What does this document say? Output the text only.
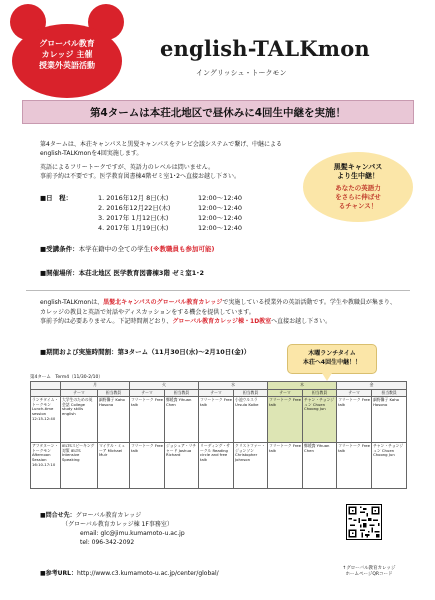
グローバル教育
カレッジ 主催
授業外英語活動
english-TALKmon
イングリッシュ・トークモン
第4タームは本荘北地区で昼休みに4回生中継を実施！

第4タームは、本荘キャンパスと黒髪キャンパスをテレビ会議システムで繋げ、中継によるenglish-TALKmonを4回実施します。

英語によるフリートークですが、英語力のレベルは問いません。
事前予約は不要です。医学教育図書棟4階ゼミ室1･2へ直接お越し下さい。

黒髪キャンパス
より生中継！
あなたの英語力
をさらに伸ばせ
るチャンス！
■日　程：	1. 2016年12月 8日(木)	12:00～12:40
2. 2016年12月22日(木)	12:00～12:40
3. 2017年 1月12日(木)	12:00～12:40
4. 2017年 1月19日(木)	12:00～12:40
■受講条件：本学在籍中の全ての学生(※教職員も参加可能)
■開催場所：本荘北地区 医学教育図書棟3階 ゼミ室1･2
english-TALKmonは、黒髪北キャンパスのグローバル教育カレッジで実施している授業外の英語活動です。学生や教職員が集まり、カレッジの教員と英語で対話やディスカッションをする機会を提供しています。
事前予約は必要ありません。下記時間割どおり、グローバル教育カレッジ棟・1D教室へ直接お越し下さい。
■期間および実施時間割：第3ターム（11月30日(水)～2月10日(金)）	木曜ランチタイム
本荘へ4回生中継！！
第4ターム　Term4（11/30-2/10）
	月		火		水		木		金	
	テーマ	担当教員	テーマ	担当教員	テーマ	担当教員	テーマ	担当教員	テーマ	担当教員
ランチタイム・トークモン Lunch-time session 12:15-12:40	大学生のための英会話 College study skills english	細野馨子 Kaho Hosono	フリートーク Free talk	鄭媛寰 Yihuan Chen	フリートーク Free talk	小池ウルスラ Ursula Koike	フリートーク Free talk	チャン・チョンジュン Chuen Choong Jun	フリートーク Free talk	細野馨子 Kaho Hosono
アフタヌーン・トークモン Afternoon Session 16:10-17:10	IELTSスピーキング対策 IELTS Intensive Speaking	マイケル・ミューア Michael Muir	フリートーク Free talk	ジョシュア・リチャード Joshua Richard	リーディング・サークル Reading circle and free talk	クリストファー・ジョンソン Christopher Johnson	フリートーク Free talk	鄭媛寰 Yihuan Chen	フリートーク Free talk	チャン・チョンジュン Chuen Choong Jun
■問合せ先：グローバル教育カレッジ
（グローバル教育カレッジ棟 1F事務室）
email: glc@jimu.kumamoto-u.ac.jp
tel: 096-342-2092
■参考URL：http://www.c3.kumamoto-u.ac.jp/center/global/
↑グローバル教育カレッジ
ホームページQRコード
